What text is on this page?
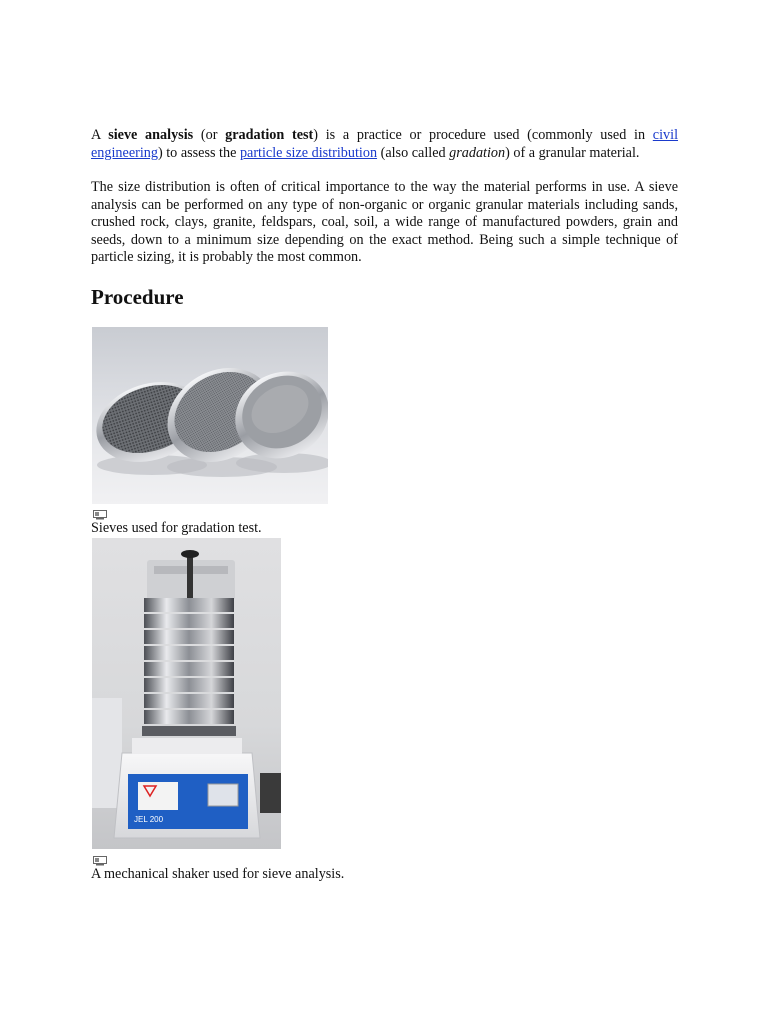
A sieve analysis (or gradation test) is a practice or procedure used (commonly used in civil engineering) to assess the particle size distribution (also called gradation) of a granular material.

The size distribution is often of critical importance to the way the material performs in use. A sieve analysis can be performed on any type of non-organic or organic granular materials including sands, crushed rock, clays, granite, feldspars, coal, soil, a wide range of manufactured powders, grain and seeds, down to a minimum size depending on the exact method. Being such a simple technique of particle sizing, it is probably the most common.

Procedure

Sieves used for gradation test.

JEL 200

A mechanical shaker used for sieve analysis.
